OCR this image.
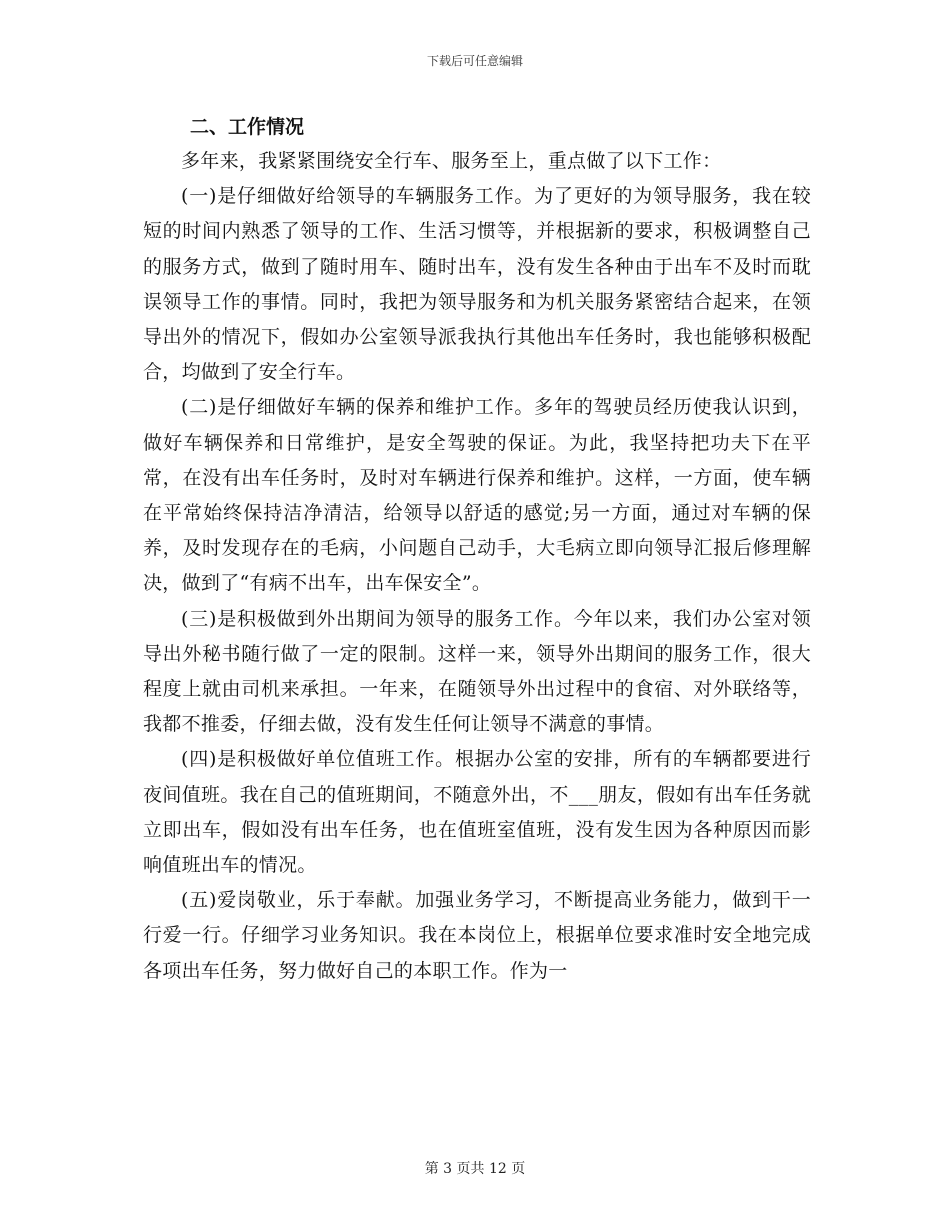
下载后可任意编辑

二、工作情况

多年来，我紧紧围绕安全行车、服务至上，重点做了以下工作：

(一)是仔细做好给领导的车辆服务工作。为了更好的为领导服务，我在较短的时间内熟悉了领导的工作、生活习惯等，并根据新的要求，积极调整自己的服务方式，做到了随时用车、随时出车，没有发生各种由于出车不及时而耽误领导工作的事情。同时，我把为领导服务和为机关服务紧密结合起来，在领导出外的情况下，假如办公室领导派我执行其他出车任务时，我也能够积极配合，均做到了安全行车。

(二)是仔细做好车辆的保养和维护工作。多年的驾驶员经历使我认识到，做好车辆保养和日常维护，是安全驾驶的保证。为此，我坚持把功夫下在平常，在没有出车任务时，及时对车辆进行保养和维护。这样，一方面，使车辆在平常始终保持洁净清洁，给领导以舒适的感觉;另一方面，通过对车辆的保养，及时发现存在的毛病，小问题自己动手，大毛病立即向领导汇报后修理解决，做到了“有病不出车，出车保安全”。

(三)是积极做到外出期间为领导的服务工作。今年以来，我们办公室对领导出外秘书随行做了一定的限制。这样一来，领导外出期间的服务工作，很大程度上就由司机来承担。一年来，在随领导外出过程中的食宿、对外联络等，我都不推委，仔细去做，没有发生任何让领导不满意的事情。

(四)是积极做好单位值班工作。根据办公室的安排，所有的车辆都要进行夜间值班。我在自己的值班期间，不随意外出，不___朋友，假如有出车任务就立即出车，假如没有出车任务，也在值班室值班，没有发生因为各种原因而影响值班出车的情况。

(五)爱岗敬业，乐于奉献。加强业务学习，不断提高业务能力，做到干一行爱一行。仔细学习业务知识。我在本岗位上，根据单位要求准时安全地完成各项出车任务，努力做好自己的本职工作。作为一

第 3 页共 12 页
